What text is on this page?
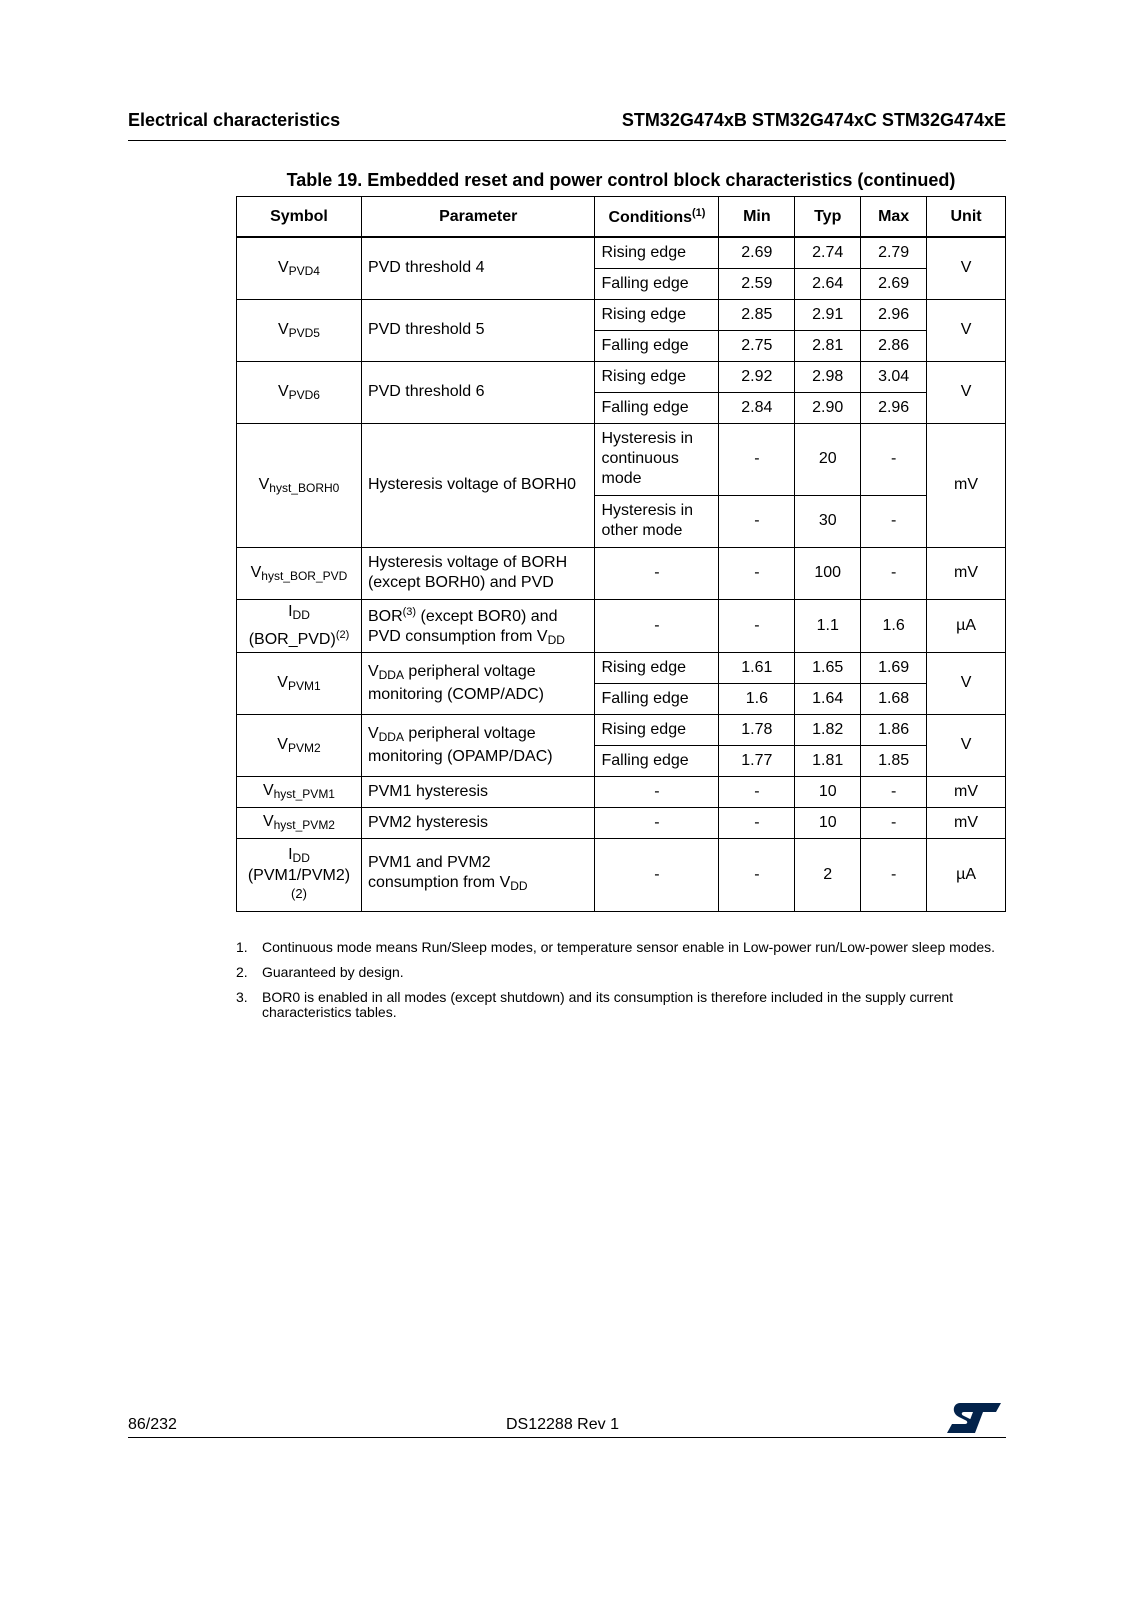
Electrical characteristics	STM32G474xB STM32G474xC STM32G474xE
Table 19. Embedded reset and power control block characteristics (continued)
Symbol	Parameter	Conditions$^{(1)}$	Min	Typ	Max	Unit
$V_{PVD4}$	PVD threshold 4	Rising edge	2.69	2.74	2.79	V
		Falling edge	2.59	2.64	2.69	
$V_{PVD5}$	PVD threshold 5	Rising edge	2.85	2.91	2.96	V
		Falling edge	2.75	2.81	2.86	
$V_{PVD6}$	PVD threshold 6	Rising edge	2.92	2.98	3.04	V
		Falling edge	2.84	2.90	2.96	
$V_{hyst\_BORH0}$	Hysteresis voltage of BORH0	Hysteresis in continuous mode	-	20	-	mV
		Hysteresis in other mode	-	30	-	
$V_{hyst\_BOR\_PVD}$	Hysteresis voltage of BORH
(except BORH0) and PVD	-	-	100	-	mV
$I_{DD}$
(BOR_PVD)$^{(2)}$	BOR$^{(3)}$ (except BOR0) and
PVD consumption from $V_{DD}$	-	-	1.1	1.6	µA
$V_{PVM1}$	$V_{DDA}$ peripheral voltage
monitoring (COMP/ADC)	Rising edge	1.61	1.65	1.69	V
		Falling edge	1.6	1.64	1.68	
$V_{PVM2}$	$V_{DDA}$ peripheral voltage
monitoring (OPAMP/DAC)	Rising edge	1.78	1.82	1.86	V
		Falling edge	1.77	1.81	1.85	
$V_{hyst\_PVM1}$	PVM1 hysteresis	-	-	10	-	mV
$V_{hyst\_PVM2}$	PVM2 hysteresis	-	-	10	-	mV
$I_{DD}$
(PVM1/PVM2)
(2)	PVM1 and PVM2
consumption from $V_{DD}$	-	-	2	-	µA
1.	Continuous mode means Run/Sleep modes, or temperature sensor enable in Low-power run/Low-power sleep modes.
2.	Guaranteed by design.
3.	BOR0 is enabled in all modes (except shutdown) and its consumption is therefore included in the supply current characteristics tables.
86/232	DS12288 Rev 1
